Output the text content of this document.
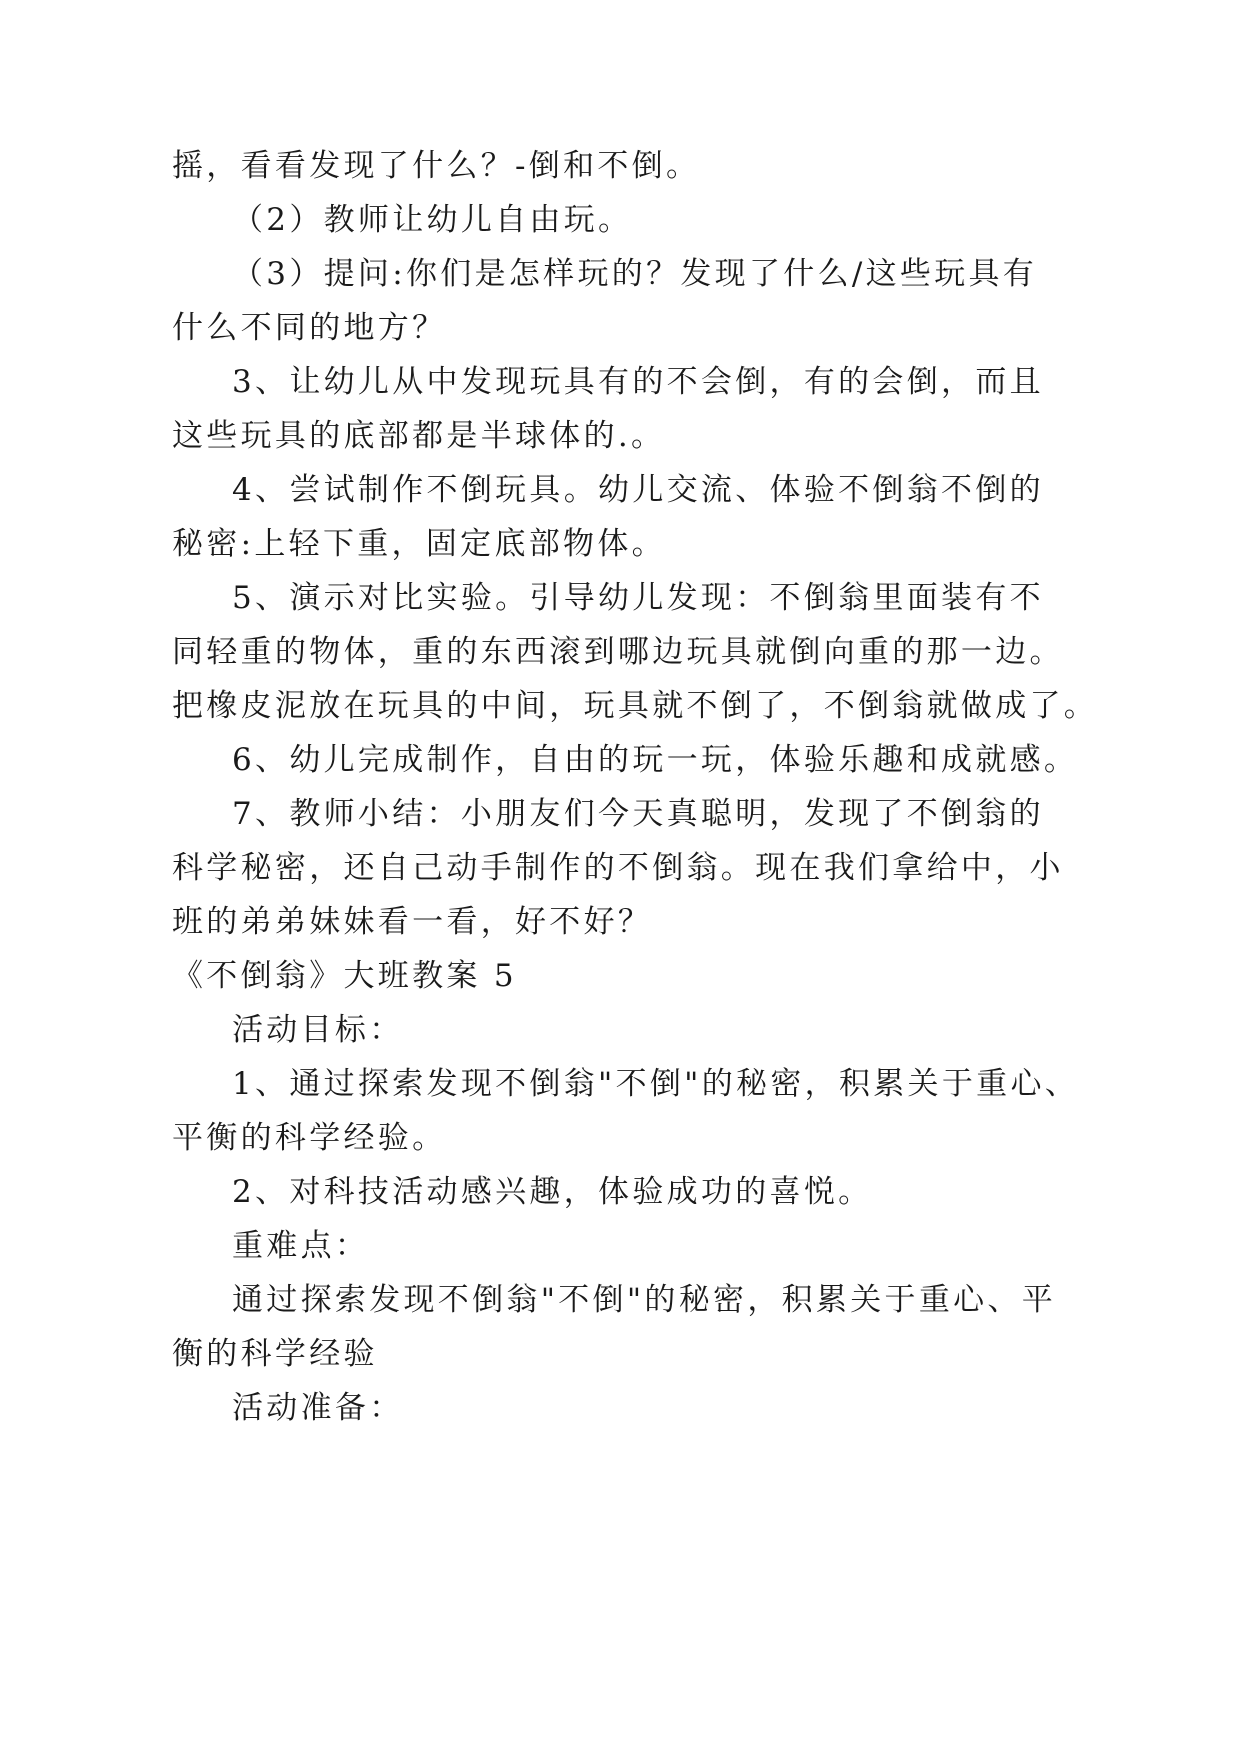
摇，看看发现了什么？-倒和不倒。
（2）教师让幼儿自由玩。
（3）提问:你们是怎样玩的？发现了什么/这些玩具有
什么不同的地方？
3、让幼儿从中发现玩具有的不会倒，有的会倒，而且
这些玩具的底部都是半球体的.。
4、尝试制作不倒玩具。幼儿交流、体验不倒翁不倒的
秘密:上轻下重，固定底部物体。
5、演示对比实验。引导幼儿发现：不倒翁里面装有不
同轻重的物体，重的东西滚到哪边玩具就倒向重的那一边。
把橡皮泥放在玩具的中间，玩具就不倒了，不倒翁就做成了。
6、幼儿完成制作，自由的玩一玩，体验乐趣和成就感。
7、教师小结：小朋友们今天真聪明，发现了不倒翁的
科学秘密，还自己动手制作的不倒翁。现在我们拿给中，小
班的弟弟妹妹看一看，好不好？
《不倒翁》大班教案 5
活动目标：
1、通过探索发现不倒翁"不倒"的秘密，积累关于重心、
平衡的科学经验。
2、对科技活动感兴趣，体验成功的喜悦。
重难点：
通过探索发现不倒翁"不倒"的秘密，积累关于重心、平
衡的科学经验
活动准备：
